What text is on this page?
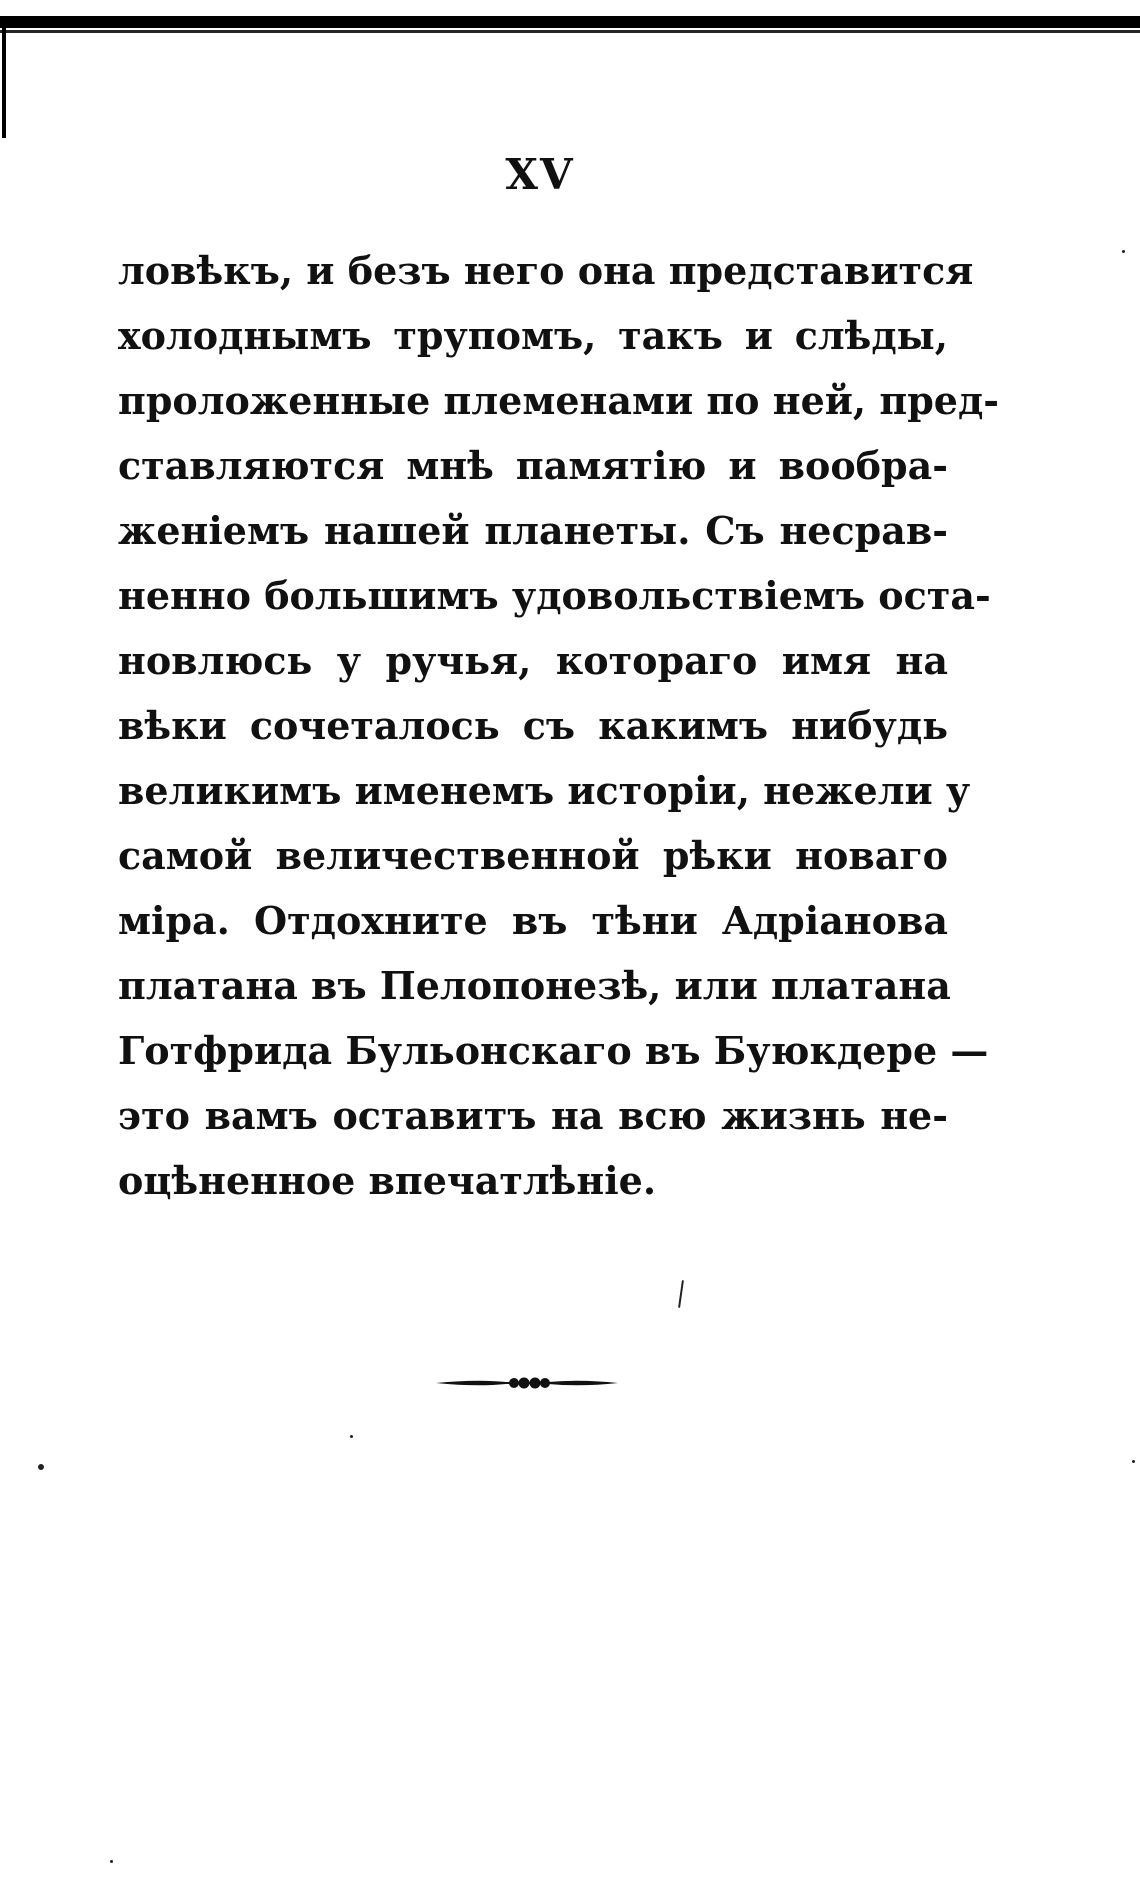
XV
ловѣкъ, и безъ него она представится
холоднымъ трупомъ, такъ и слѣды,
проложенные племенами по ней, пред-
ставляются мнѣ памятію и вообра-
женіемъ нашей планеты. Съ несрав-
ненно большимъ удовольствіемъ оста-
новлюсь у ручья, котораго имя на
вѣки сочеталось съ какимъ нибудь
великимъ именемъ исторіи, нежели у
самой величественной рѣки новаго
міра. Отдохните въ тѣни Адріанова
платана въ Пелопонезѣ, или платана
Готфрида Бульонскаго въ Буюкдере —
это вамъ оставитъ на всю жизнь не-
оцѣненное впечатлѣніе.
